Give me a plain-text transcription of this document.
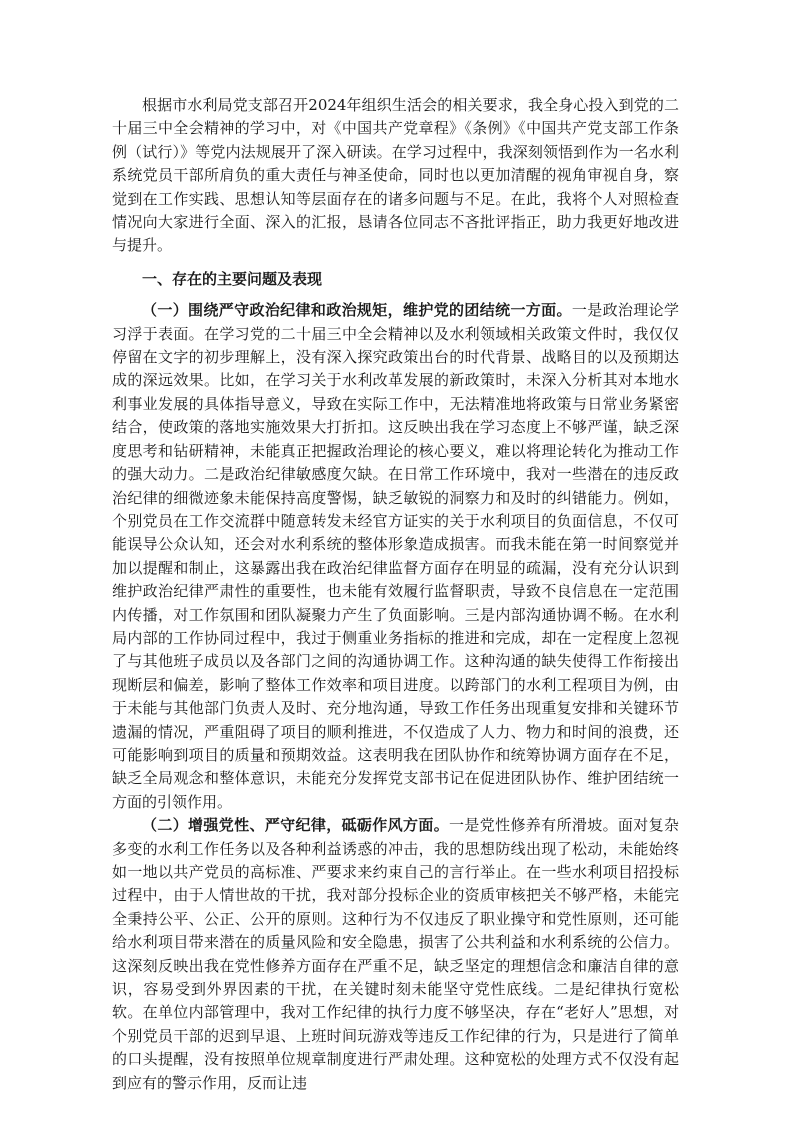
根据市水利局党支部召开2024年组织生活会的相关要求，我全身心投入到党的二十届三中全会精神的学习中，对《中国共产党章程》《条例》《中国共产党支部工作条例（试行）》等党内法规展开了深入研读。在学习过程中，我深刻领悟到作为一名水利系统党员干部所肩负的重大责任与神圣使命，同时也以更加清醒的视角审视自身，察觉到在工作实践、思想认知等层面存在的诸多问题与不足。在此，我将个人对照检查情况向大家进行全面、深入的汇报，恳请各位同志不吝批评指正，助力我更好地改进与提升。

一、存在的主要问题及表现

（一）围绕严守政治纪律和政治规矩，维护党的团结统一方面。一是政治理论学习浮于表面。在学习党的二十届三中全会精神以及水利领域相关政策文件时，我仅仅停留在文字的初步理解上，没有深入探究政策出台的时代背景、战略目的以及预期达成的深远效果。比如，在学习关于水利改革发展的新政策时，未深入分析其对本地水利事业发展的具体指导意义，导致在实际工作中，无法精准地将政策与日常业务紧密结合，使政策的落地实施效果大打折扣。这反映出我在学习态度上不够严谨，缺乏深度思考和钻研精神，未能真正把握政治理论的核心要义，难以将理论转化为推动工作的强大动力。二是政治纪律敏感度欠缺。在日常工作环境中，我对一些潜在的违反政治纪律的细微迹象未能保持高度警惕，缺乏敏锐的洞察力和及时的纠错能力。例如，个别党员在工作交流群中随意转发未经官方证实的关于水利项目的负面信息，不仅可能误导公众认知，还会对水利系统的整体形象造成损害。而我未能在第一时间察觉并加以提醒和制止，这暴露出我在政治纪律监督方面存在明显的疏漏，没有充分认识到维护政治纪律严肃性的重要性，也未能有效履行监督职责，导致不良信息在一定范围内传播，对工作氛围和团队凝聚力产生了负面影响。三是内部沟通协调不畅。在水利局内部的工作协同过程中，我过于侧重业务指标的推进和完成，却在一定程度上忽视了与其他班子成员以及各部门之间的沟通协调工作。这种沟通的缺失使得工作衔接出现断层和偏差，影响了整体工作效率和项目进度。以跨部门的水利工程项目为例，由于未能与其他部门负责人及时、充分地沟通，导致工作任务出现重复安排和关键环节遗漏的情况，严重阻碍了项目的顺利推进，不仅造成了人力、物力和时间的浪费，还可能影响到项目的质量和预期效益。这表明我在团队协作和统筹协调方面存在不足，缺乏全局观念和整体意识，未能充分发挥党支部书记在促进团队协作、维护团结统一方面的引领作用。

（二）增强党性、严守纪律，砥砺作风方面。一是党性修养有所滑坡。面对复杂多变的水利工作任务以及各种利益诱惑的冲击，我的思想防线出现了松动，未能始终如一地以共产党员的高标准、严要求来约束自己的言行举止。在一些水利项目招投标过程中，由于人情世故的干扰，我对部分投标企业的资质审核把关不够严格，未能完全秉持公平、公正、公开的原则。这种行为不仅违反了职业操守和党性原则，还可能给水利项目带来潜在的质量风险和安全隐患，损害了公共利益和水利系统的公信力。这深刻反映出我在党性修养方面存在严重不足，缺乏坚定的理想信念和廉洁自律的意识，容易受到外界因素的干扰，在关键时刻未能坚守党性底线。二是纪律执行宽松软。在单位内部管理中，我对工作纪律的执行力度不够坚决，存在“老好人”思想，对个别党员干部的迟到早退、上班时间玩游戏等违反工作纪律的行为，只是进行了简单的口头提醒，没有按照单位规章制度进行严肃处理。这种宽松的处理方式不仅没有起到应有的警示作用，反而让违
